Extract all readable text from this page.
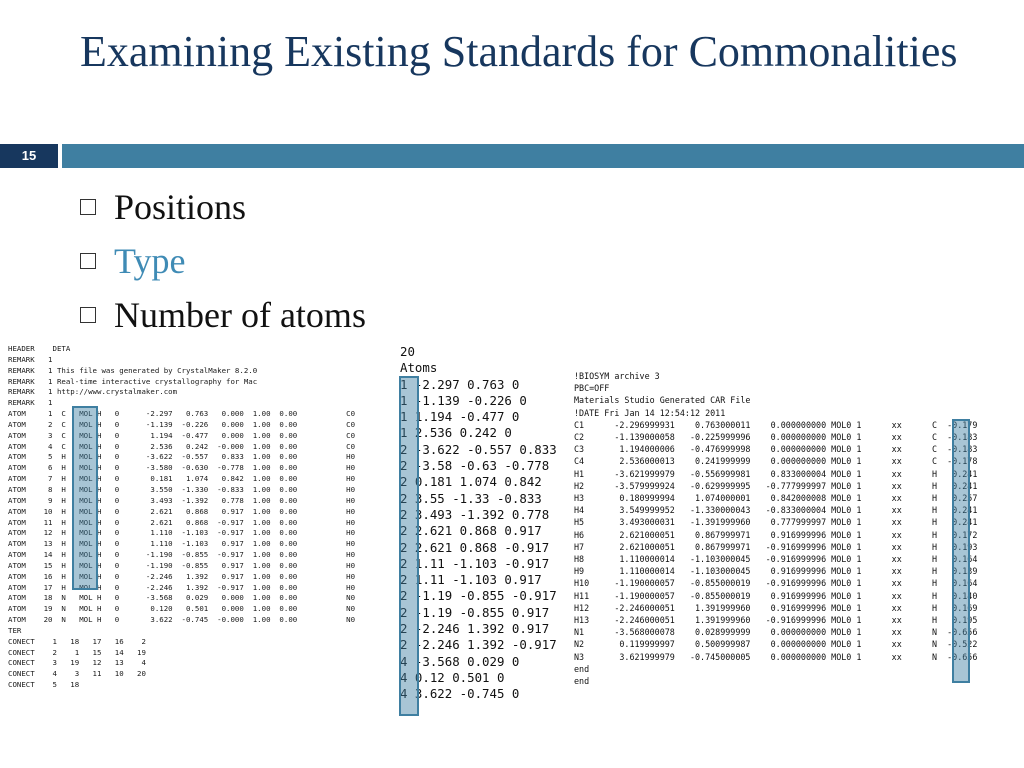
Examining Existing Standards for Commonalities
15
Positions
Type
Number of atoms
HEADER    DETA
REMARK   1
REMARK   1 This file was generated by CrystalMaker 8.2.0
REMARK   1 Real-time interactive crystallography for Mac
REMARK   1 http://www.crystalmaker.com
REMARK   1
ATOM     1  C   MOL H   0      -2.297   0.763   0.000  1.00  0.00           C0
ATOM     2  C   MOL H   0      -1.139  -0.226   0.000  1.00  0.00           C0
ATOM     3  C   MOL H   0       1.194  -0.477   0.000  1.00  0.00           C0
ATOM     4  C   MOL H   0       2.536   0.242  -0.000  1.00  0.00           C0
ATOM     5  H   MOL H   0      -3.622  -0.557   0.833  1.00  0.00           H0
ATOM     6  H   MOL H   0      -3.580  -0.630  -0.778  1.00  0.00           H0
ATOM     7  H   MOL H   0       0.181   1.074   0.842  1.00  0.00           H0
ATOM     8  H   MOL H   0       3.550  -1.330  -0.833  1.00  0.00           H0
ATOM     9  H   MOL H   0       3.493  -1.392   0.778  1.00  0.00           H0
ATOM    10  H   MOL H   0       2.621   0.868   0.917  1.00  0.00           H0
ATOM    11  H   MOL H   0       2.621   0.868  -0.917  1.00  0.00           H0
ATOM    12  H   MOL H   0       1.110  -1.103  -0.917  1.00  0.00           H0
ATOM    13  H   MOL H   0       1.110  -1.103   0.917  1.00  0.00           H0
ATOM    14  H   MOL H   0      -1.190  -0.855  -0.917  1.00  0.00           H0
ATOM    15  H   MOL H   0      -1.190  -0.855   0.917  1.00  0.00           H0
ATOM    16  H   MOL H   0      -2.246   1.392   0.917  1.00  0.00           H0
ATOM    17  H   MOL H   0      -2.246   1.392  -0.917  1.00  0.00           H0
ATOM    18  N   MOL H   0      -3.568   0.029   0.000  1.00  0.00           N0
ATOM    19  N   MOL H   0       0.120   0.501   0.000  1.00  0.00           N0
ATOM    20  N   MOL H   0       3.622  -0.745  -0.000  1.00  0.00           N0
TER
CONECT    1   18   17   16    2
CONECT    2    1   15   14   19
CONECT    3   19   12   13    4
CONECT    4    3   11   10   20
CONECT    5   18
20
Atoms
1 -2.297 0.763 0
1 -1.139 -0.226 0
1 1.194 -0.477 0
1 2.536 0.242 0
2 -3.622 -0.557 0.833
2 -3.58 -0.63 -0.778
2 0.181 1.074 0.842
2 3.55 -1.33 -0.833
2 3.493 -1.392 0.778
2 2.621 0.868 0.917
2 2.621 0.868 -0.917
2 1.11 -1.103 -0.917
2 1.11 -1.103 0.917
2 -1.19 -0.855 -0.917
2 -1.19 -0.855 0.917
2 -2.246 1.392 0.917
2 -2.246 1.392 -0.917
4 -3.568 0.029 0
4 0.12 0.501 0
4 3.622 -0.745 0
!BIOSYM archive 3
PBC=OFF
Materials Studio Generated CAR File
!DATE Fri Jan 14 12:54:12 2011
C1      -2.296999931    0.763000011    0.000000000 MOL0 1      xx      C  -0.179
C2      -1.139000058   -0.225999996    0.000000000 MOL0 1      xx      C  -0.183
C3       1.194000006   -0.476999998    0.000000000 MOL0 1      xx      C  -0.183
C4       2.536000013    0.241999999    0.000000000 MOL0 1      xx      C  -0.178
H1      -3.621999979   -0.556999981    0.833000004 MOL0 1      xx      H   0.241
H2      -3.579999924   -0.629999995   -0.777999997 MOL0 1      xx      H   0.241
H3       0.180999994    1.074000001    0.842000008 MOL0 1      xx      H   0.257
H4       3.549999952   -1.330000043   -0.833000004 MOL0 1      xx      H   0.241
H5       3.493000031   -1.391999960    0.777999997 MOL0 1      xx      H   0.241
H6       2.621000051    0.867999971    0.916999996 MOL0 1      xx      H   0.172
H7       2.621000051    0.867999971   -0.916999996 MOL0 1      xx      H   0.193
H8       1.110000014   -1.103000045   -0.916999996 MOL0 1      xx      H   0.164
H9       1.110000014   -1.103000045    0.916999996 MOL0 1      xx      H   0.139
H10     -1.190000057   -0.855000019   -0.916999996 MOL0 1      xx      H   0.164
H11     -1.190000057   -0.855000019    0.916999996 MOL0 1      xx      H   0.140
H12     -2.246000051    1.391999960    0.916999996 MOL0 1      xx      H   0.169
H13     -2.246000051    1.391999960   -0.916999996 MOL0 1      xx      H   0.195
N1      -3.568000078    0.028999999    0.000000000 MOL0 1      xx      N  -0.656
N2       0.119999997    0.500999987    0.000000000 MOL0 1      xx      N  -0.522
N3       3.621999979   -0.745000005    0.000000000 MOL0 1      xx      N  -0.656
end
end
